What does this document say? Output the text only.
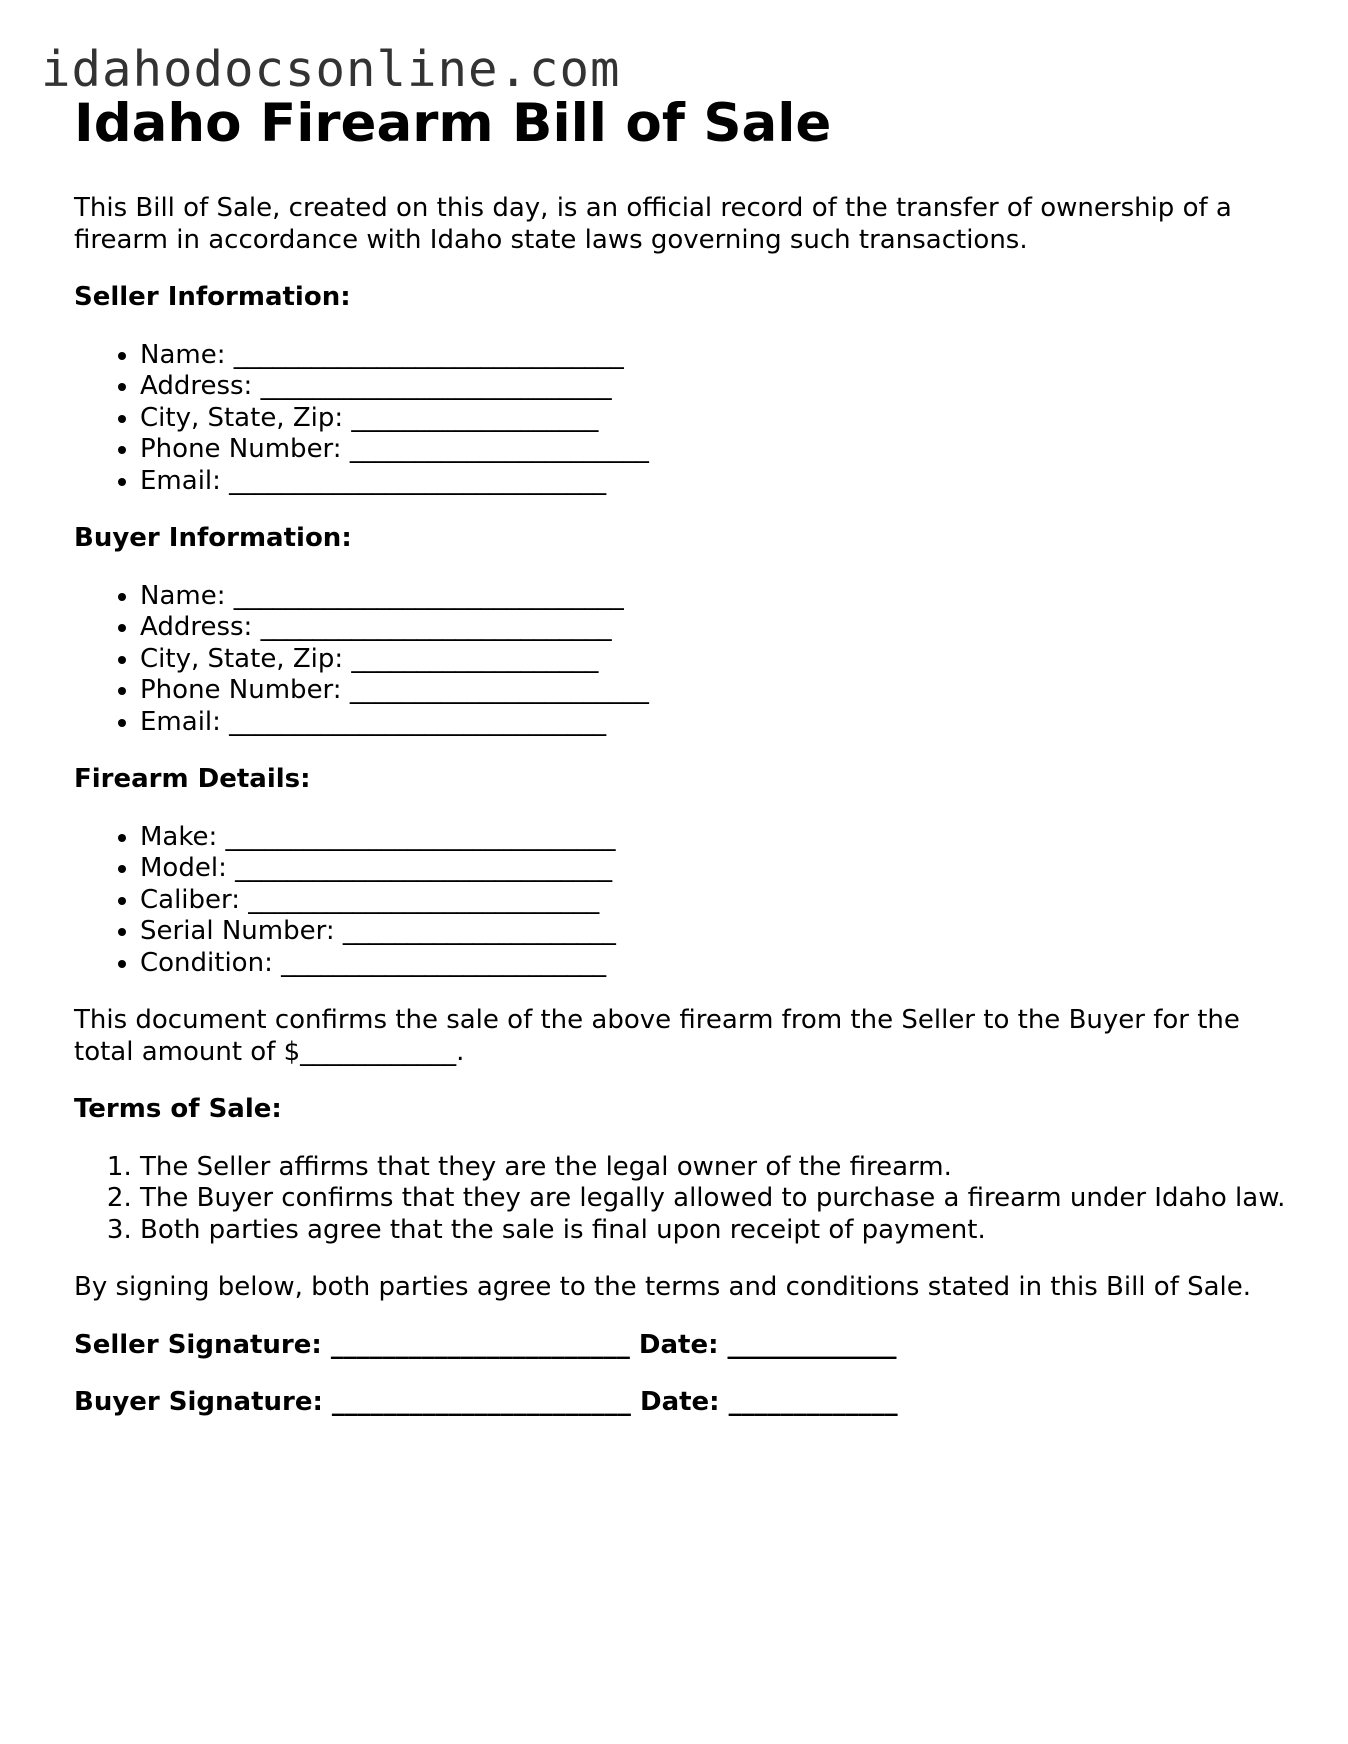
idahodocsonline.com
Idaho Firearm Bill of Sale

This Bill of Sale, created on this day, is an official record of the transfer of ownership of a firearm in accordance with Idaho state laws governing such transactions.

Seller Information:

• Name: ______________________________
• Address: ___________________________
• City, State, Zip: ___________________
• Phone Number: _______________________
• Email: _____________________________

Buyer Information:

• Name: ______________________________
• Address: ___________________________
• City, State, Zip: ___________________
• Phone Number: _______________________
• Email: _____________________________

Firearm Details:

• Make: ______________________________
• Model: _____________________________
• Caliber: ___________________________
• Serial Number: _____________________
• Condition: _________________________

This document confirms the sale of the above firearm from the Seller to the Buyer for the total amount of $____________.

Terms of Sale:

1. The Seller affirms that they are the legal owner of the firearm.
2. The Buyer confirms that they are legally allowed to purchase a firearm under Idaho law.
3. Both parties agree that the sale is final upon receipt of payment.

By signing below, both parties agree to the terms and conditions stated in this Bill of Sale.

Seller Signature: _______________________ Date: _____________

Buyer Signature: _______________________ Date: _____________
